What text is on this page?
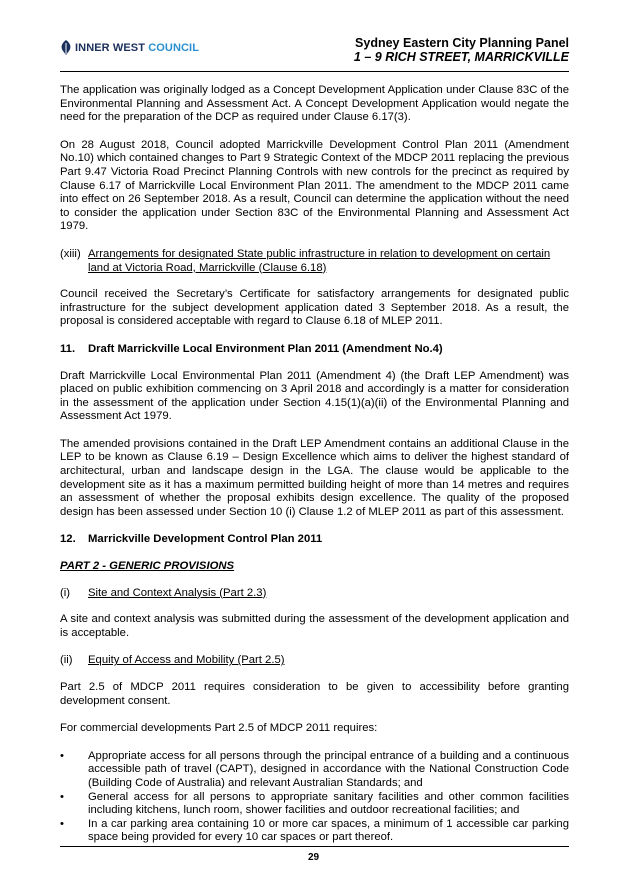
INNER WEST COUNCIL	Sydney Eastern City Planning Panel
1 – 9 RICH STREET, MARRICKVILLE

The application was originally lodged as a Concept Development Application under Clause 83C of the Environmental Planning and Assessment Act. A Concept Development Application would negate the need for the preparation of the DCP as required under Clause 6.17(3).

On 28 August 2018, Council adopted Marrickville Development Control Plan 2011 (Amendment No.10) which contained changes to Part 9 Strategic Context of the MDCP 2011 replacing the previous Part 9.47 Victoria Road Precinct Planning Controls with new controls for the precinct as required by Clause 6.17 of Marrickville Local Environment Plan 2011. The amendment to the MDCP 2011 came into effect on 26 September 2018. As a result, Council can determine the application without the need to consider the application under Section 83C of the Environmental Planning and Assessment Act 1979.

(xiii) Arrangements for designated State public infrastructure in relation to development on certain land at Victoria Road, Marrickville (Clause 6.18)

Council received the Secretary’s Certificate for satisfactory arrangements for designated public infrastructure for the subject development application dated 3 September 2018. As a result, the proposal is considered acceptable with regard to Clause 6.18 of MLEP 2011.

11.	Draft Marrickville Local Environment Plan 2011 (Amendment No.4)

Draft Marrickville Local Environmental Plan 2011 (Amendment 4) (the Draft LEP Amendment) was placed on public exhibition commencing on 3 April 2018 and accordingly is a matter for consideration in the assessment of the application under Section 4.15(1)(a)(ii) of the Environmental Planning and Assessment Act 1979.

The amended provisions contained in the Draft LEP Amendment contains an additional Clause in the LEP to be known as Clause 6.19 – Design Excellence which aims to deliver the highest standard of architectural, urban and landscape design in the LGA. The clause would be applicable to the development site as it has a maximum permitted building height of more than 14 metres and requires an assessment of whether the proposal exhibits design excellence. The quality of the proposed design has been assessed under Section 10 (i) Clause 1.2 of MLEP 2011 as part of this assessment.

12.	Marrickville Development Control Plan 2011
PART 2 - GENERIC PROVISIONS
(i)	Site and Context Analysis (Part 2.3)

A site and context analysis was submitted during the assessment of the development application and is acceptable.

(ii)	Equity of Access and Mobility (Part 2.5)

Part 2.5 of MDCP 2011 requires consideration to be given to accessibility before granting development consent.

For commercial developments Part 2.5 of MDCP 2011 requires:

•	Appropriate access for all persons through the principal entrance of a building and a continuous accessible path of travel (CAPT), designed in accordance with the National Construction Code (Building Code of Australia) and relevant Australian Standards; and
•	General access for all persons to appropriate sanitary facilities and other common facilities including kitchens, lunch room, shower facilities and outdoor recreational facilities; and
•	In a car parking area containing 10 or more car spaces, a minimum of 1 accessible car parking space being provided for every 10 car spaces or part thereof.
29
